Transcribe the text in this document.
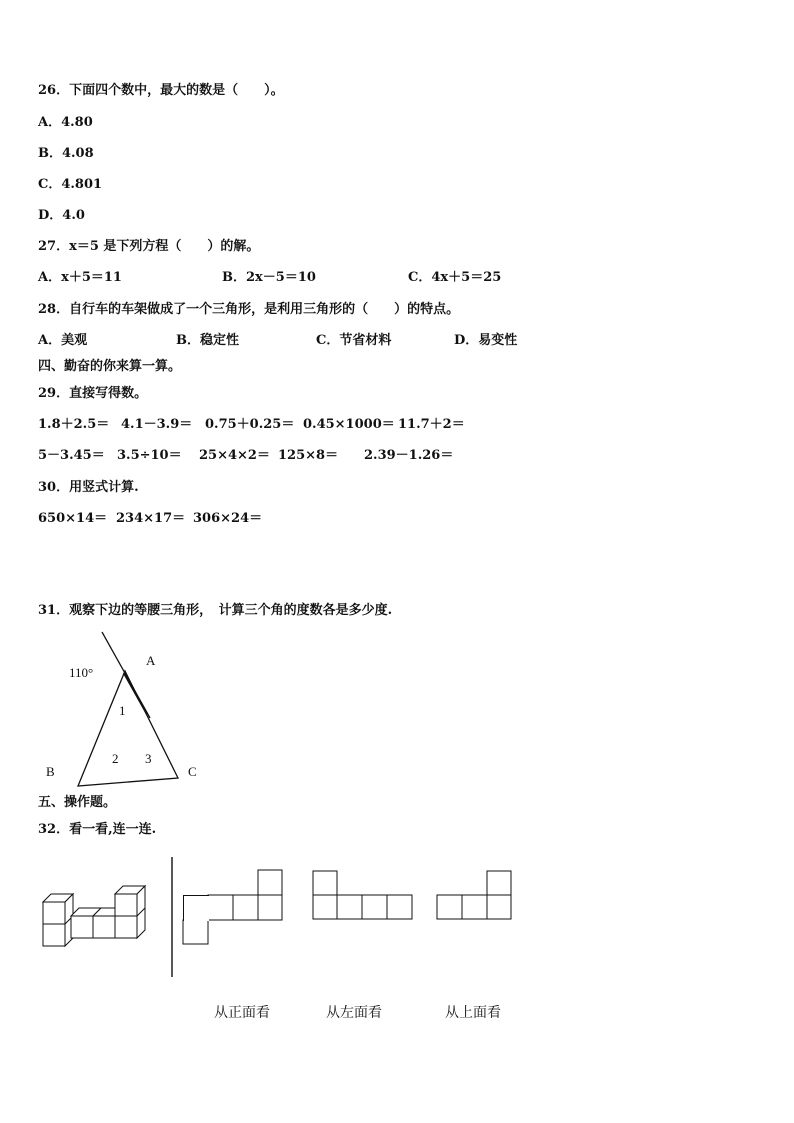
26．下面四个数中，最大的数是（　　）。
A．4.80
B．4.08
C．4.801
D．4.0
27．x＝5 是下列方程（　　）的解。
A．x＋5＝11	B．2x－5＝10	C．4x＋5＝25
28．自行车的车架做成了一个三角形，是利用三角形的（　　）的特点。
A．美观	B．稳定性	C．节省材料	D．易变性
四、勤奋的你来算一算。
29．直接写得数。
1.8＋2.5＝ 4.1－3.9＝ 0.75＋0.25＝ 0.45×1000＝ 11.7＋2＝
5－3.45＝ 3.5÷10＝ 25×4×2＝ 125×8＝ 2.39－1.26＝
30．用竖式计算.
650×14＝ 234×17＝ 306×24＝
31．观察下边的等腰三角形，　计算三个角的度数各是多少度.
110°
A
B	C
1
2 3
五、操作题。
32．看一看,连一连.
从正面看	从左面看	从上面看
